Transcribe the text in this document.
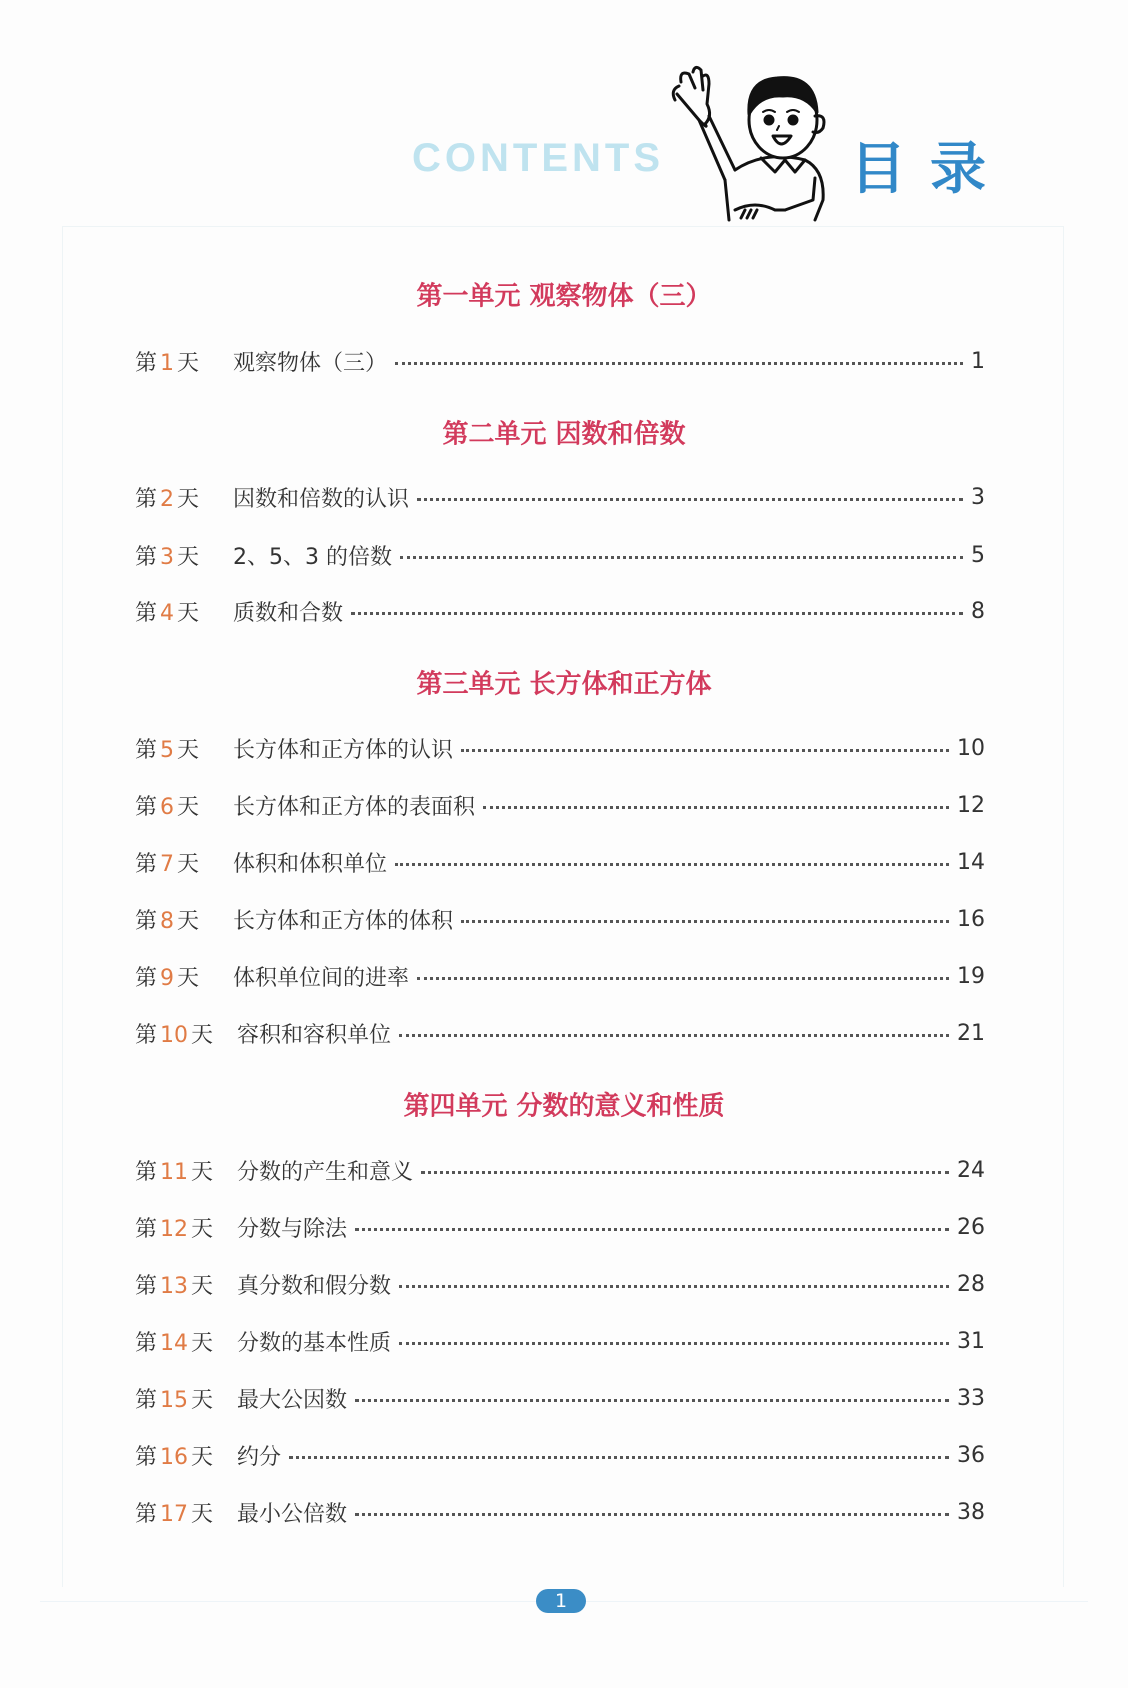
CONTENTS	目录
第一单元 观察物体（三）
第 1 天 观察物体（三）	1
第二单元 因数和倍数
第 2 天 因数和倍数的认识	3
第 3 天 2、5、3 的倍数	5
第 4 天 质数和合数	8
第三单元 长方体和正方体
第 5 天 长方体和正方体的认识	10
第 6 天 长方体和正方体的表面积	12
第 7 天 体积和体积单位	14
第 8 天 长方体和正方体的体积	16
第 9 天 体积单位间的进率	19
第 10 天 容积和容积单位	21
第四单元 分数的意义和性质
第 11 天 分数的产生和意义	24
第 12 天 分数与除法	26
第 13 天 真分数和假分数	28
第 14 天 分数的基本性质	31
第 15 天 最大公因数	33
第 16 天 约分	36
第 17 天 最小公倍数	38
1
